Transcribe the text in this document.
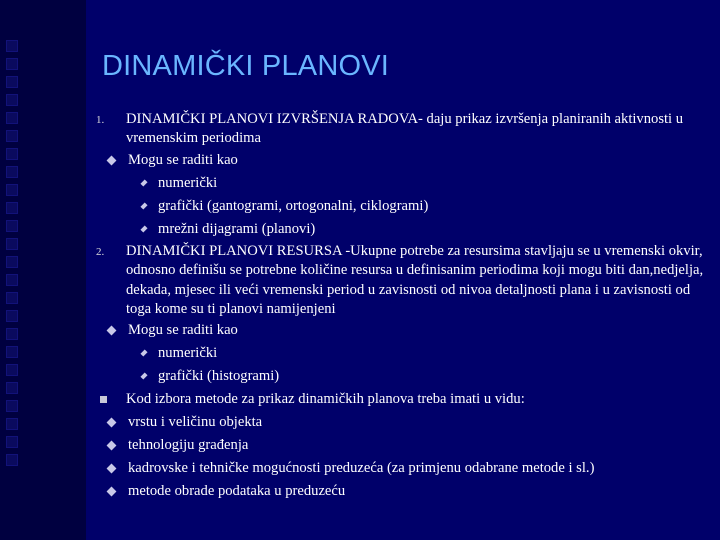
DINAMIČKI PLANOVI
1. DINAMIČKI PLANOVI IZVRŠENJA RADOVA- daju prikaz izvršenja planiranih aktivnosti u vremenskim periodima
Mogu se raditi kao
numerički
grafički (gantogrami, ortogonalni, ciklogrami)
mrežni dijagrami (planovi)
2. DINAMIČKI PLANOVI RESURSA -Ukupne potrebe za resursima stavljaju se u vremenski okvir, odnosno definišu se potrebne količine resursa u definisanim periodima koji mogu biti dan,nedjelja, dekada, mjesec ili veći vremenski period u zavisnosti od nivoa detaljnosti plana i u zavisnosti od toga kome su ti planovi namijenjeni
Mogu se raditi kao
numerički
grafički (histogrami)
Kod izbora metode za prikaz dinamičkih planova treba imati u vidu:
vrstu i veličinu objekta
tehnologiju građenja
kadrovske i tehničke mogućnosti preduzeća (za primjenu odabrane metode i sl.)
metode obrade podataka u preduzeću
